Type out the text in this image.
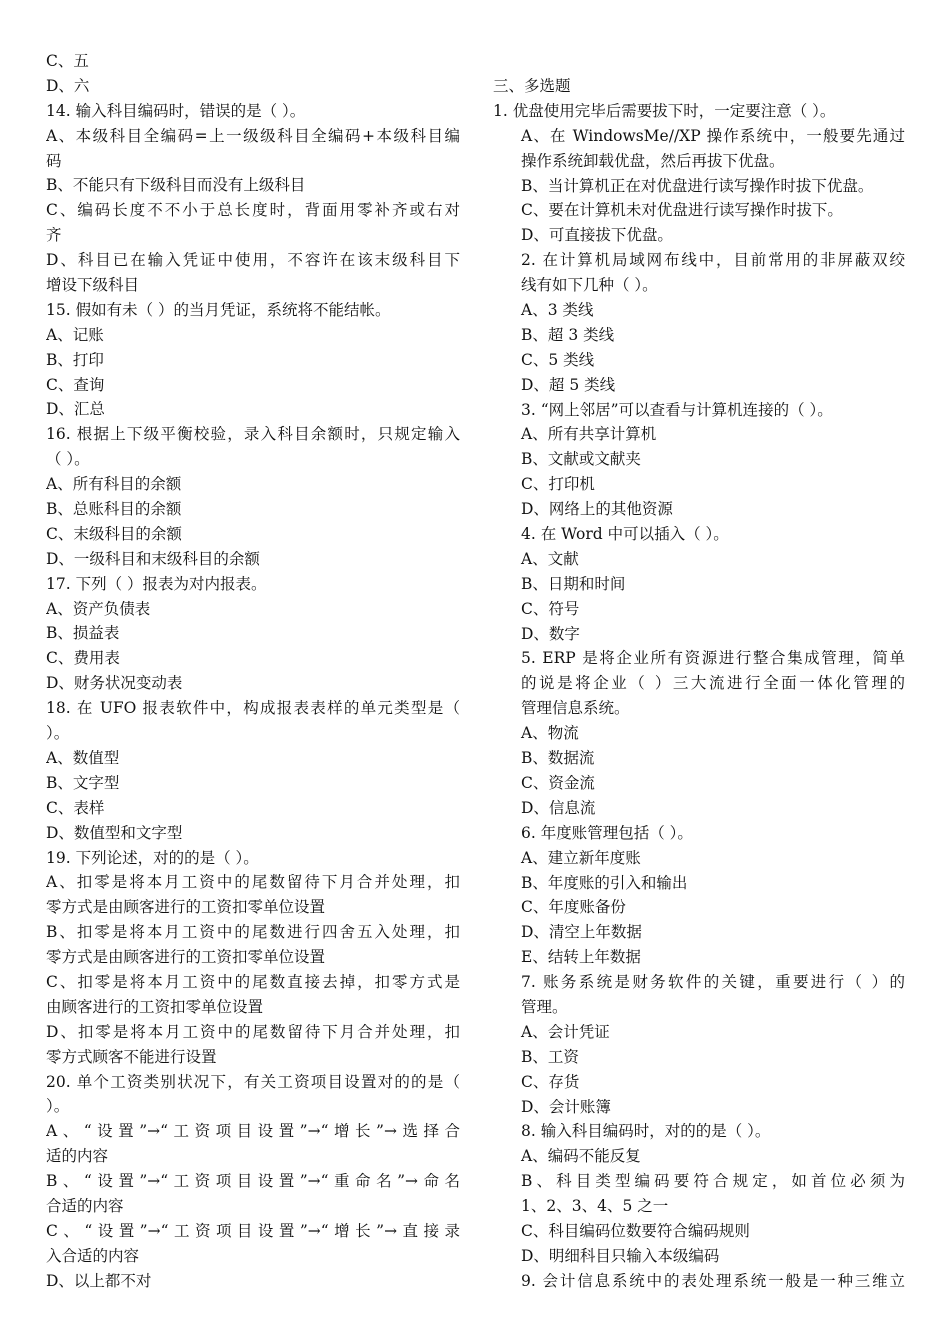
C、五
D、六
14. 输入科目编码时，错误的是（ ）。
A、本级科目全编码=上一级级科目全编码+本级科目编
码
B、不能只有下级科目而没有上级科目
C、编码长度不不小于总长度时，背面用零补齐或右对
齐
D、科目已在输入凭证中使用，不容许在该末级科目下
增设下级科目
15. 假如有未（ ）的当月凭证，系统将不能结帐。
A、记账
B、打印
C、查询
D、汇总
16. 根据上下级平衡校验，录入科目余额时，只规定输入
（ ）。
A、所有科目的余额
B、总账科目的余额
C、末级科目的余额
D、一级科目和末级科目的余额
17. 下列（ ）报表为对内报表。
A、资产负债表
B、损益表
C、费用表
D、财务状况变动表
18. 在 UFO 报表软件中，构成报表表样的单元类型是（
）。
A、数值型
B、文字型
C、表样
D、数值型和文字型
19. 下列论述，对的的是（ ）。
A、扣零是将本月工资中的尾数留待下月合并处理，扣
零方式是由顾客进行的工资扣零单位设置
B、扣零是将本月工资中的尾数进行四舍五入处理，扣
零方式是由顾客进行的工资扣零单位设置
C、扣零是将本月工资中的尾数直接去掉，扣零方式是
由顾客进行的工资扣零单位设置
D、扣零是将本月工资中的尾数留待下月合并处理，扣
零方式顾客不能进行设置
20. 单个工资类别状况下，有关工资项目设置对的的是（
）。
A、“设置”→“工资项目设置”→“增长”→选择合
适的内容
B、“设置”→“工资项目设置”→“重命名”→命名
合适的内容
C、“设置”→“工资项目设置”→“增长”→直接录
入合适的内容
D、以上都不对
三、多选题
1. 优盘使用完毕后需要拔下时，一定要注意（ ）。
A、在 WindowsMe//XP 操作系统中，一般要先通过
操作系统卸载优盘，然后再拔下优盘。
B、当计算机正在对优盘进行读写操作时拔下优盘。
C、要在计算机未对优盘进行读写操作时拔下。
D、可直接拔下优盘。
2. 在计算机局域网布线中，目前常用的非屏蔽双绞
线有如下几种（ ）。
A、3 类线
B、超 3 类线
C、5 类线
D、超 5 类线
3. “网上邻居”可以查看与计算机连接的（ ）。
A、所有共享计算机
B、文献或文献夹
C、打印机
D、网络上的其他资源
4. 在 Word 中可以插入（ ）。
A、文献
B、日期和时间
C、符号
D、数字
5. ERP 是将企业所有资源进行整合集成管理，简单
的说是将企业（ ）三大流进行全面一体化管理的
管理信息系统。
A、物流
B、数据流
C、资金流
D、信息流
6. 年度账管理包括（ ）。
A、建立新年度账
B、年度账的引入和输出
C、年度账备份
D、清空上年数据
E、结转上年数据
7. 账务系统是财务软件的关键，重要进行（ ）的
管理。
A、会计凭证
B、工资
C、存货
D、会计账簿
8. 输入科目编码时，对的的是（ ）。
A、编码不能反复
B、科目类型编码要符合规定，如首位必须为
1、2、3、4、5 之一
C、科目编码位数要符合编码规则
D、明细科目只输入本级编码
9. 会计信息系统中的表处理系统一般是一种三维立
